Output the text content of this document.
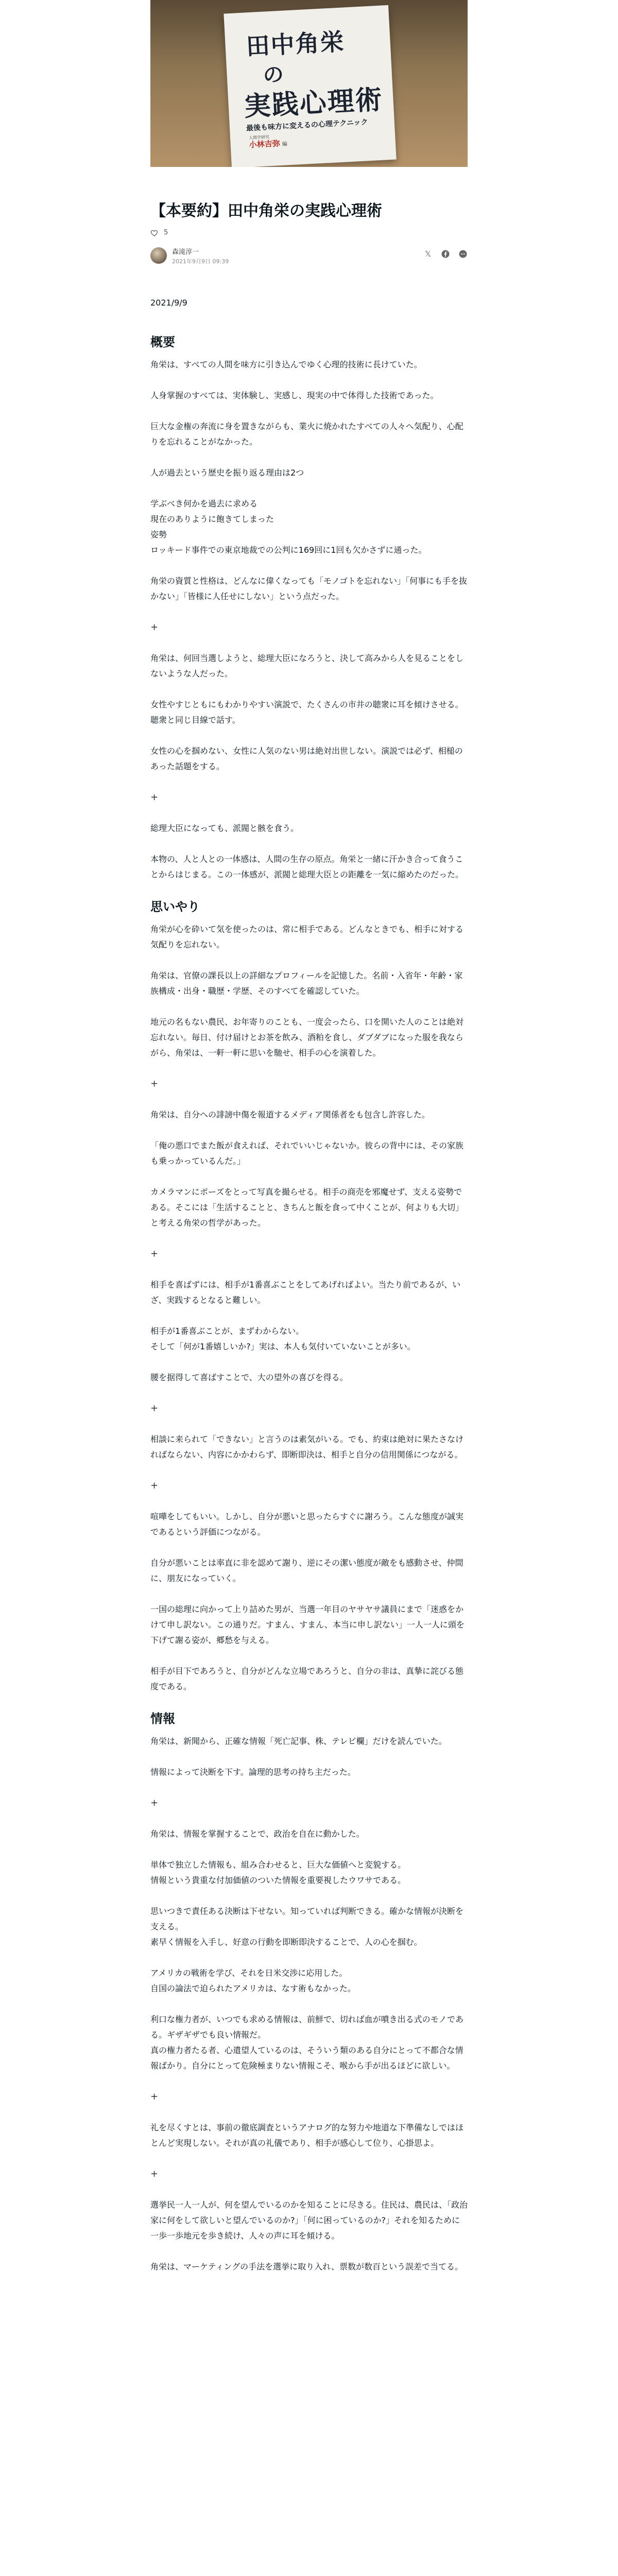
田中角栄
の
実践心理術
最後も味方に変えるの心理テクニック
人間学研究
小林吉弥 編
【本要約】田中角栄の実践心理術
5
森滝淳一
2021年9月9日 09:39
𝕏

2021/9/9

概要

角栄は、すべての人間を味方に引き込んでゆく心理的技術に長けていた。

人身掌握のすべては、実体験し、実感し、現実の中で体得した技術であった。

巨大な金権の奔流に身を置きながらも、業火に焼かれたすべての人々へ気配り、心配りを忘れることがなかった。

人が過去という歴史を振り返る理由は2つ

学ぶべき何かを過去に求める
現在のありように飽きてしまった
姿勢
ロッキード事件での東京地裁での公判に169回に1回も欠かさずに通った。

角栄の資質と性格は、どんなに偉くなっても「モノゴトを忘れない」「何事にも手を抜かない」「皆様に人任せにしない」という点だった。

+

角栄は、何回当選しようと、総理大臣になろうと、決して高みから人を見ることをしないような人だった。

女性やすじともにもわかりやすい演説で、たくさんの市井の聴衆に耳を傾けさせる。聴衆と同じ目線で話す。

女性の心を掴めない、女性に人気のない男は絶対出世しない。演説では必ず、相槌のあった話題をする。

+

総理大臣になっても、派閥と骸を食う。

本物の、人と人との一体感は、人間の生存の原点。角栄と一緒に汗かき合って食うことからはじまる。この一体感が、派閥と総理大臣との距離を一気に縮めたのだった。

思いやり

角栄が心を砕いて気を使ったのは、常に相手である。どんなときでも、相手に対する気配りを忘れない。

角栄は、官僚の課長以上の詳細なプロフィールを記憶した。名前・入省年・年齢・家族構成・出身・職歴・学歴、そのすべてを確認していた。

地元の名もない農民、お年寄りのことも、一度会ったら、口を開いた人のことは絶対忘れない。毎日、付け届けとお茶を飲み、酒粕を食し、ダブダブになった服を我ならがら、角栄は、一軒一軒に思いを馳せ、相手の心を演着した。

+

角栄は、自分への誹謗中傷を報道するメディア関係者をも包含し許容した。

「俺の悪口でまた飯が食えれば、それでいいじゃないか。彼らの背中には、その家族も乗っかっているんだ。」

カメラマンにポーズをとって写真を撮らせる。相手の商売を邪魔せず、支える姿勢である。そこには「生活することと、きちんと飯を食って中くことが、何よりも大切」と考える角栄の哲学があった。

+

相手を喜ばずには、相手が1番喜ぶことをしてあげればよい。当たり前であるが、いざ、実践するとなると難しい。

相手が1番喜ぶことが、まずわからない。
そして「何が1番嬉しいか?」実は、本人も気付いていないことが多い。

腰を据得して喜ばすことで、大の望外の喜びを得る。

+

相談に来られて「できない」と言うのは素気がいる。でも、約束は絶対に果たさなければならない、内容にかかわらず、即断即決は、相手と自分の信用関係につながる。

+

喧嘩をしてもいい。しかし、自分が悪いと思ったらすぐに謝ろう。こんな態度が誠実であるという評価につながる。

自分が悪いことは率直に非を認めて謝り、逆にその潔い態度が敵をも感動させ、仲間に、朋友になっていく。

一国の総理に向かって上り詰めた男が、当選一年目のヤサヤサ議員にまで「迷惑をかけて申し訳ない。この通りだ。すまん、すまん、本当に申し訳ない」一人一人に頭を下げて謝る姿が、郷愁を与える。

相手が目下であろうと、自分がどんな立場であろうと、自分の非は、真摯に詫びる態度である。

情報

角栄は、新聞から、正確な情報「死亡記事、株、テレビ欄」だけを読んでいた。

情報によって決断を下す。論理的思考の持ち主だった。

+

角栄は、情報を掌握することで、政治を自在に動かした。

単体で独立した情報も、組み合わせると、巨大な価値へと変貌する。
情報という貴重な付加価値のついた情報を重要視したウワサである。

思いつきで責任ある決断は下せない。知っていれば判断できる。確かな情報が決断を支える。
素早く情報を入手し、好意の行動を即断即決することで、人の心を掴む。

アメリカの戦術を学び、それを日米交渉に応用した。
自国の論法で迫られたアメリカは、なす術もなかった。

利口な権力者が、いつでも求める情報は、前鮮で、切れば血が噴き出る式のモノである。ギザギザでも良い情報だ。
真の権力者たる者、心遣望人ているのは、そういう類のある自分にとって不都合な情報ばかり。自分にとって危険極まりない情報こそ、喉から手が出るほどに欲しい。

+

礼を尽くすとは、事前の徹底調査というアナログ的な努力や地道な下準備なしではほとんど実現しない。それが真の礼儀であり、相手が感心して位り、心掛思よ。

+

選挙民一人一人が、何を望んでいるのかを知ることに尽きる。住民は、農民は、「政治家に何をして欲しいと望んでいるのか?」「何に困っているのか?」それを知るために一歩一歩地元を歩き続け、人々の声に耳を傾ける。

角栄は、マーケティングの手法を選挙に取り入れ、票数が数百という誤差で当てる。
